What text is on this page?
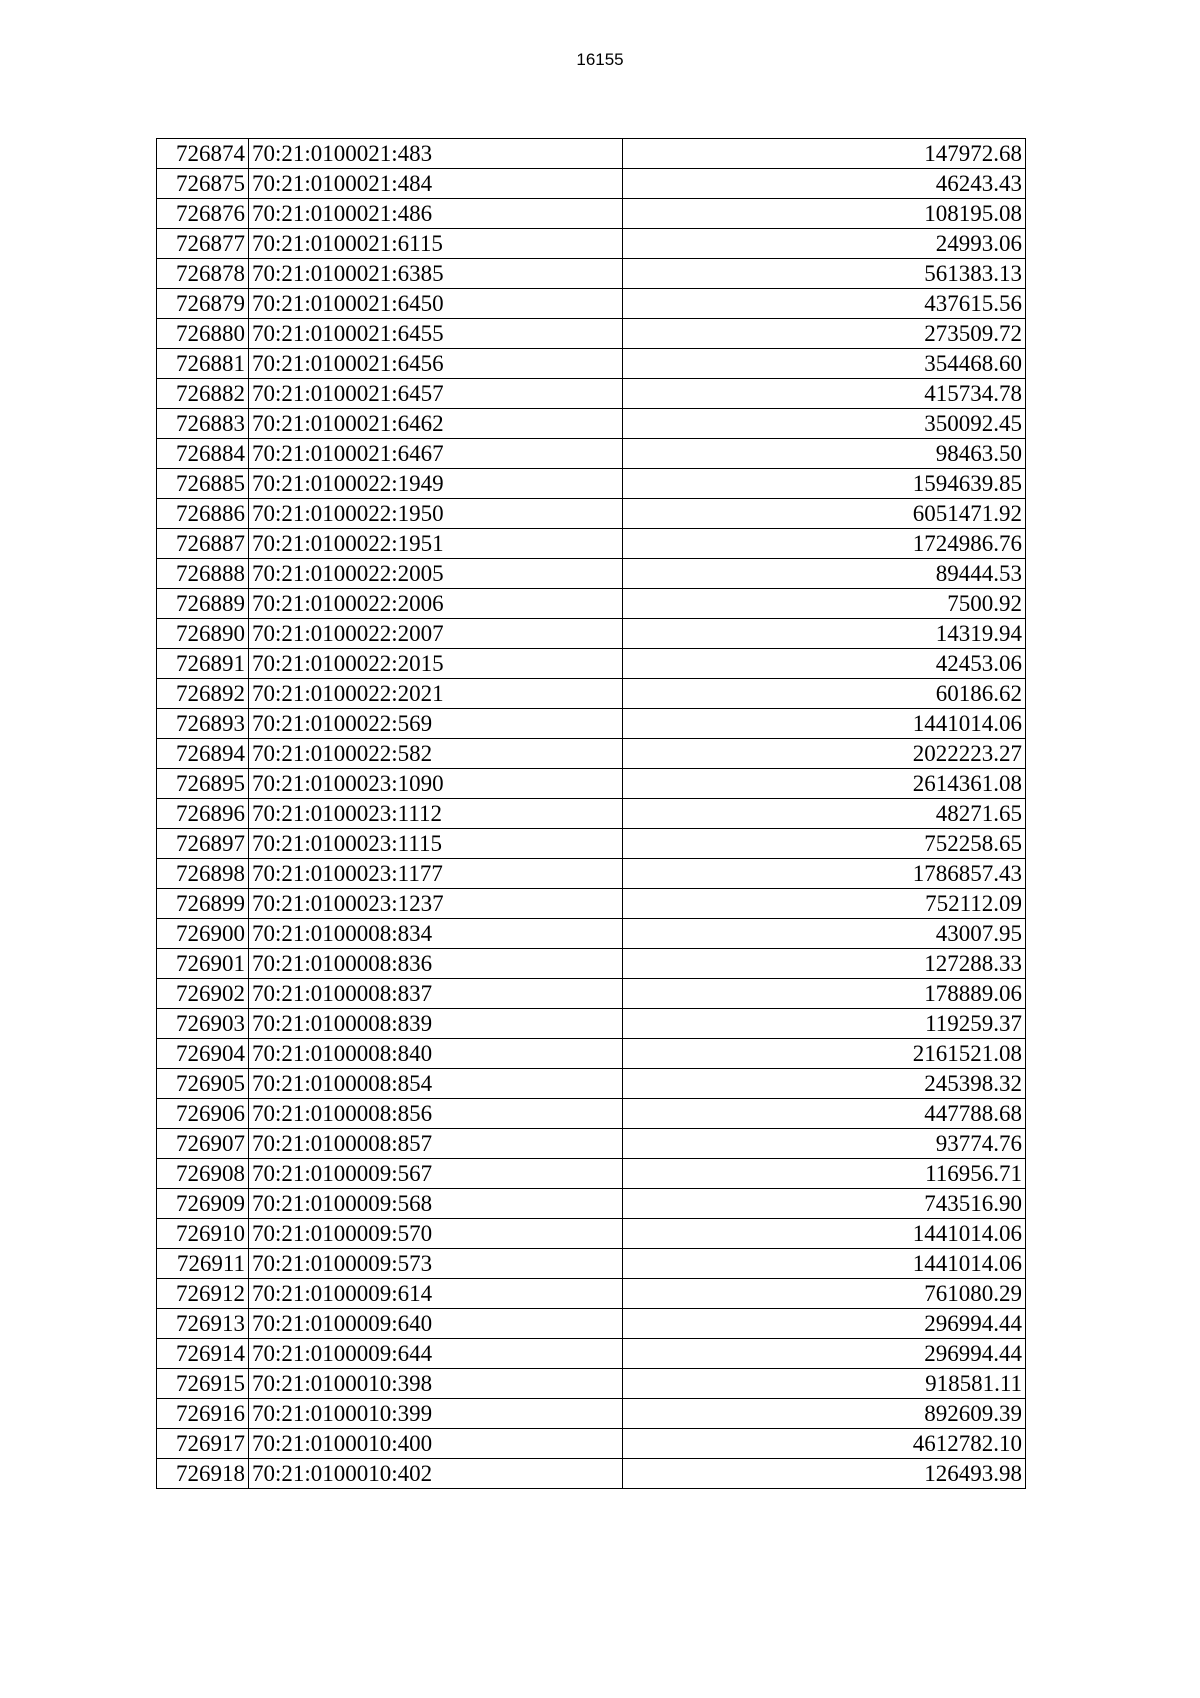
16155
726874	70:21:0100021:483	147972.68
726875	70:21:0100021:484	46243.43
726876	70:21:0100021:486	108195.08
726877	70:21:0100021:6115	24993.06
726878	70:21:0100021:6385	561383.13
726879	70:21:0100021:6450	437615.56
726880	70:21:0100021:6455	273509.72
726881	70:21:0100021:6456	354468.60
726882	70:21:0100021:6457	415734.78
726883	70:21:0100021:6462	350092.45
726884	70:21:0100021:6467	98463.50
726885	70:21:0100022:1949	1594639.85
726886	70:21:0100022:1950	6051471.92
726887	70:21:0100022:1951	1724986.76
726888	70:21:0100022:2005	89444.53
726889	70:21:0100022:2006	7500.92
726890	70:21:0100022:2007	14319.94
726891	70:21:0100022:2015	42453.06
726892	70:21:0100022:2021	60186.62
726893	70:21:0100022:569	1441014.06
726894	70:21:0100022:582	2022223.27
726895	70:21:0100023:1090	2614361.08
726896	70:21:0100023:1112	48271.65
726897	70:21:0100023:1115	752258.65
726898	70:21:0100023:1177	1786857.43
726899	70:21:0100023:1237	752112.09
726900	70:21:0100008:834	43007.95
726901	70:21:0100008:836	127288.33
726902	70:21:0100008:837	178889.06
726903	70:21:0100008:839	119259.37
726904	70:21:0100008:840	2161521.08
726905	70:21:0100008:854	245398.32
726906	70:21:0100008:856	447788.68
726907	70:21:0100008:857	93774.76
726908	70:21:0100009:567	116956.71
726909	70:21:0100009:568	743516.90
726910	70:21:0100009:570	1441014.06
726911	70:21:0100009:573	1441014.06
726912	70:21:0100009:614	761080.29
726913	70:21:0100009:640	296994.44
726914	70:21:0100009:644	296994.44
726915	70:21:0100010:398	918581.11
726916	70:21:0100010:399	892609.39
726917	70:21:0100010:400	4612782.10
726918	70:21:0100010:402	126493.98
